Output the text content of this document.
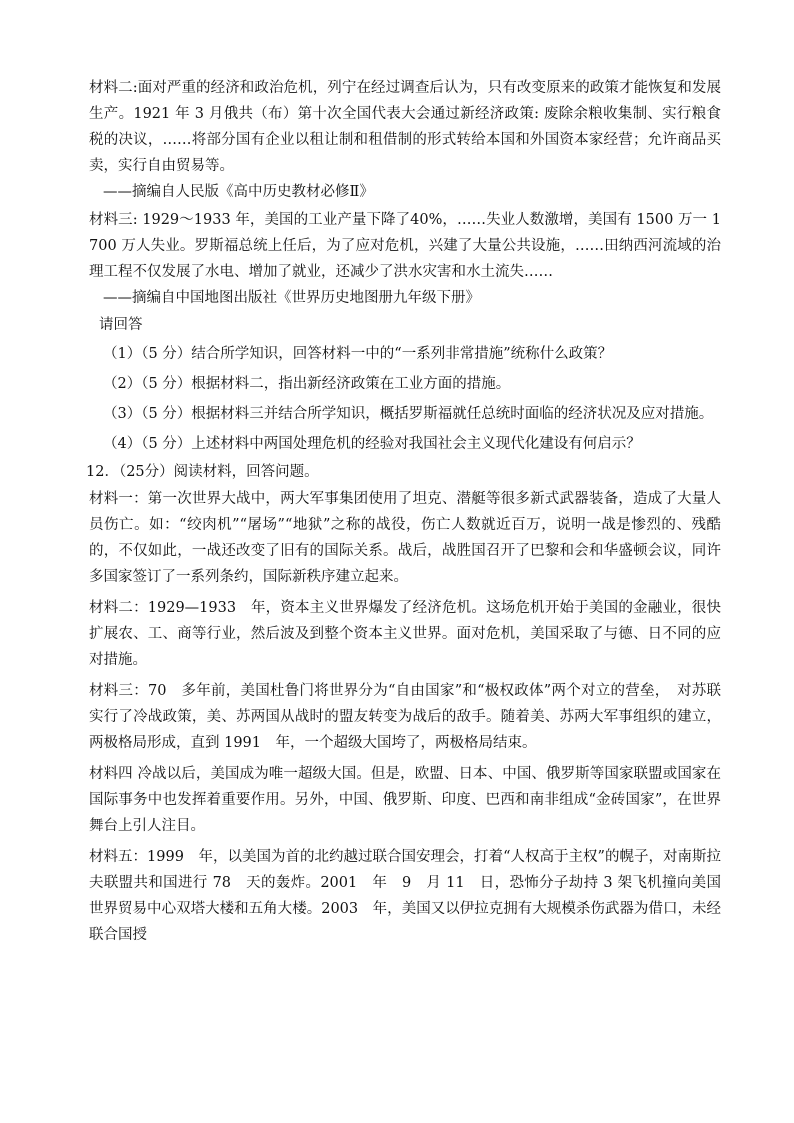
材料二:面对严重的经济和政治危机，列宁在经过调查后认为，只有改变原来的政策才能恢复和发展生产。1921 年 3 月俄共（布）第十次全国代表大会通过新经济政策: 废除余粮收集制、实行粮食税的决议，……将部分国有企业以租让制和租借制的形式转给本国和外国资本家经营；允许商品买卖，实行自由贸易等。

——摘编自人民版《高中历史教材必修Ⅱ》

材料三: 1929～1933 年，美国的工业产量下降了40%，……失业人数激增，美国有 1500 万一 1700 万人失业。罗斯福总统上任后，为了应对危机，兴建了大量公共设施，……田纳西河流域的治理工程不仅发展了水电、增加了就业，还减少了洪水灾害和水土流失……

——摘编自中国地图出版社《世界历史地图册九年级下册》

请回答

（1）（5 分）结合所学知识，回答材料一中的“一系列非常措施”统称什么政策？

（2）（5 分）根据材料二，指出新经济政策在工业方面的措施。

（3）（5 分）根据材料三并结合所学知识，概括罗斯福就任总统时面临的经济状况及应对措施。

（4）（5 分）上述材料中两国处理危机的经验对我国社会主义现代化建设有何启示？

12．（25分）阅读材料，回答问题。

材料一：第一次世界大战中，两大军事集团使用了坦克、潜艇等很多新式武器装备，造成了大量人员伤亡。如：“绞肉机”“屠场”“地狱”之称的战役，伤亡人数就近百万，说明一战是惨烈的、残酷的，不仅如此，一战还改变了旧有的国际关系。战后，战胜国召开了巴黎和会和华盛顿会议，同许多国家签订了一系列条约，国际新秩序建立起来。

材料二：1929—1933　年，资本主义世界爆发了经济危机。这场危机开始于美国的金融业，很快扩展农、工、商等行业，然后波及到整个资本主义世界。面对危机，美国采取了与德、日不同的应对措施。

材料三：70　多年前，美国杜鲁门将世界分为“自由国家”和“极权政体”两个对立的营垒，　对苏联实行了冷战政策，美、苏两国从战时的盟友转变为战后的敌手。随着美、苏两大军事组织的建立，两极格局形成，直到 1991　年，一个超级大国垮了，两极格局结束。

材料四 冷战以后，美国成为唯一超级大国。但是，欧盟、日本、中国、俄罗斯等国家联盟或国家在国际事务中也发挥着重要作用。另外，中国、俄罗斯、印度、巴西和南非组成“金砖国家”，在世界舞台上引人注目。

材料五：1999　年，以美国为首的北约越过联合国安理会，打着“人权高于主权”的幌子，对南斯拉夫联盟共和国进行 78　天的轰炸。2001　年　9　月 11　日，恐怖分子劫持 3 架飞机撞向美国世界贸易中心双塔大楼和五角大楼。2003　年，美国又以伊拉克拥有大规模杀伤武器为借口，未经联合国授
